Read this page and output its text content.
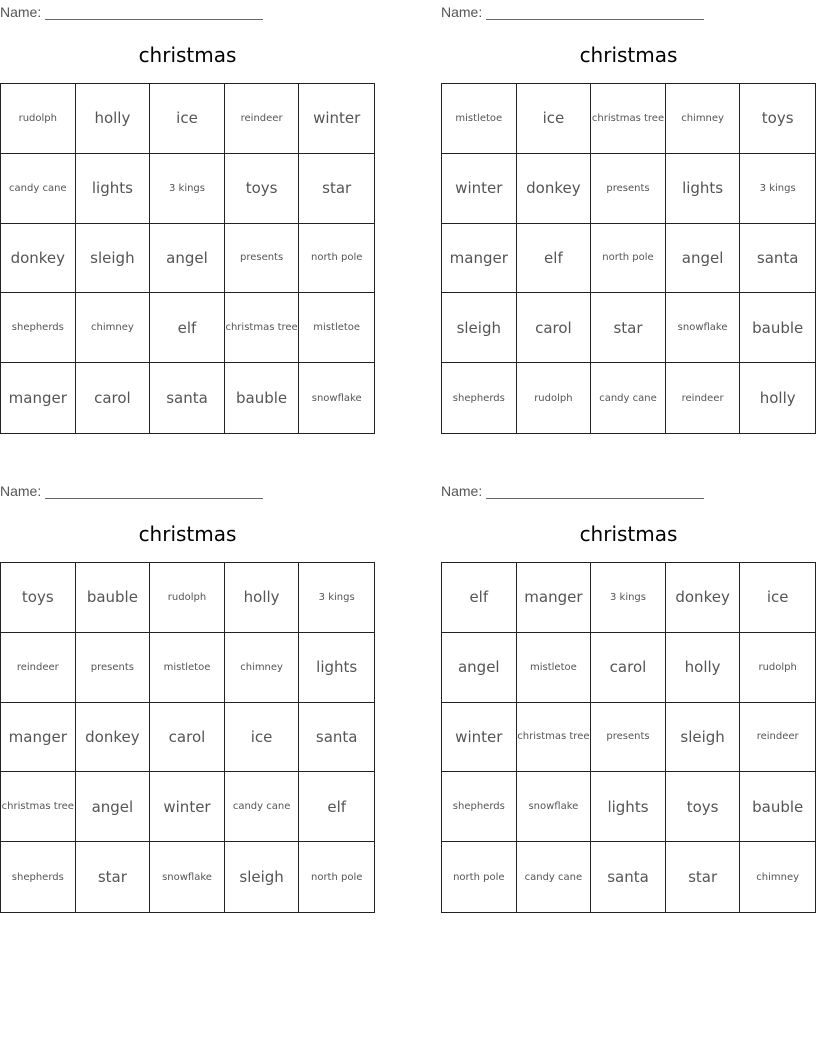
Name:
christmas
rudolph	holly	ice	reindeer	winter
candy cane	lights	3 kings	toys	star
donkey	sleigh	angel	presents	north pole
shepherds	chimney	elf	christmas tree	mistletoe
manger	carol	santa	bauble	snowflake
Name:
christmas
mistletoe	ice	christmas tree	chimney	toys
winter	donkey	presents	lights	3 kings
manger	elf	north pole	angel	santa
sleigh	carol	star	snowflake	bauble
shepherds	rudolph	candy cane	reindeer	holly
Name:
christmas
toys	bauble	rudolph	holly	3 kings
reindeer	presents	mistletoe	chimney	lights
manger	donkey	carol	ice	santa
christmas tree	angel	winter	candy cane	elf
shepherds	star	snowflake	sleigh	north pole
Name:
christmas
elf	manger	3 kings	donkey	ice
angel	mistletoe	carol	holly	rudolph
winter	christmas tree	presents	sleigh	reindeer
shepherds	snowflake	lights	toys	bauble
north pole	candy cane	santa	star	chimney
